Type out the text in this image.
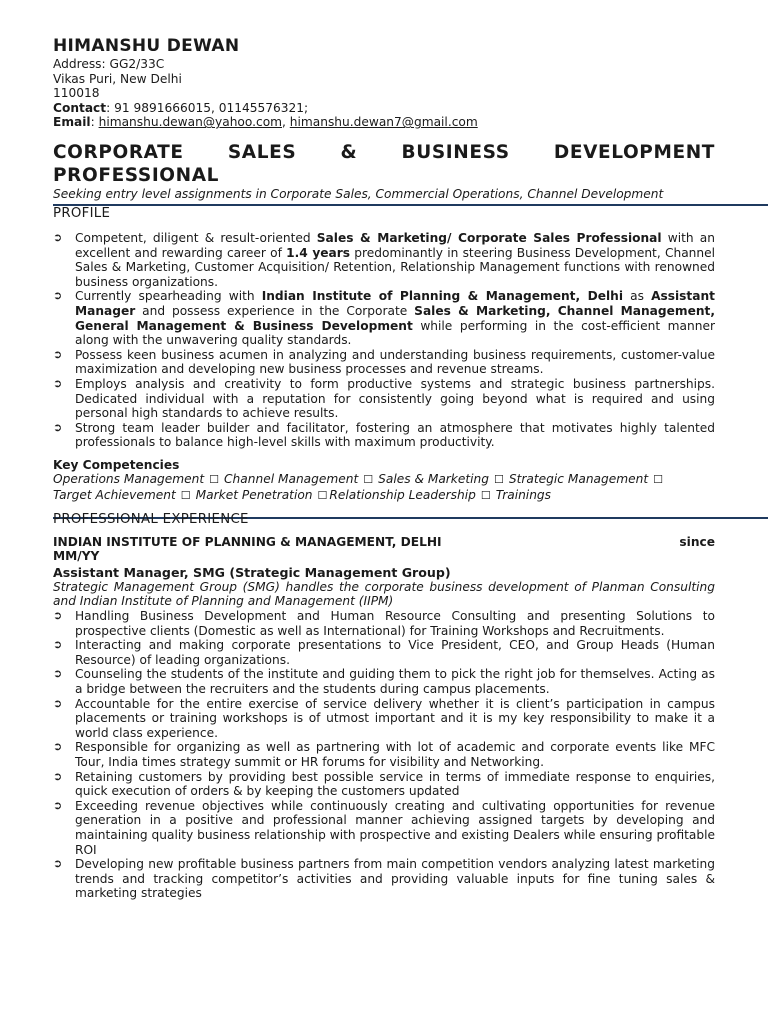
HIMANSHU DEWAN
Address: GG2/33C
Vikas Puri, New Delhi
110018
Contact: 91 9891666015, 01145576321;
Email: himanshu.dewan@yahoo.com, himanshu.dewan7@gmail.com
CORPORATE SALES & BUSINESS DEVELOPMENT PROFESSIONAL
Seeking entry level assignments in Corporate Sales, Commercial Operations, Channel Development
PROFILE
➲ Competent, diligent & result-oriented Sales & Marketing/ Corporate Sales Professional with an excellent and rewarding career of 1.4 years predominantly in steering Business Development, Channel Sales & Marketing, Customer Acquisition/ Retention, Relationship Management functions with renowned business organizations.
➲ Currently spearheading with Indian Institute of Planning & Management, Delhi as Assistant Manager and possess experience in the Corporate Sales & Marketing, Channel Management, General Management & Business Development while performing in the cost-efficient manner along with the unwavering quality standards.
➲ Possess keen business acumen in analyzing and understanding business requirements, customer-value maximization and developing new business processes and revenue streams.
➲ Employs analysis and creativity to form productive systems and strategic business partnerships. Dedicated individual with a reputation for consistently going beyond what is required and using personal high standards to achieve results.
➲ Strong team leader builder and facilitator, fostering an atmosphere that motivates highly talented professionals to balance high-level skills with maximum productivity.
Key Competencies
Operations Management ☐ Channel Management ☐ Sales & Marketing ☐ Strategic Management ☐
Target Achievement ☐ Market Penetration ☐ Relationship Leadership ☐ Trainings
PROFESSIONAL EXPERIENCE
INDIAN INSTITUTE OF PLANNING & MANAGEMENT, DELHI	since
MM/YY
Assistant Manager, SMG (Strategic Management Group)
Strategic Management Group (SMG) handles the corporate business development of Planman Consulting and Indian Institute of Planning and Management (IIPM)
➲ Handling Business Development and Human Resource Consulting and presenting Solutions to prospective clients (Domestic as well as International) for Training Workshops and Recruitments.
➲ Interacting and making corporate presentations to Vice President, CEO, and Group Heads (Human Resource) of leading organizations.
➲ Counseling the students of the institute and guiding them to pick the right job for themselves. Acting as a bridge between the recruiters and the students during campus placements.
➲ Accountable for the entire exercise of service delivery whether it is client’s participation in campus placements or training workshops is of utmost important and it is my key responsibility to make it a world class experience.
➲ Responsible for organizing as well as partnering with lot of academic and corporate events like MFC Tour, India times strategy summit or HR forums for visibility and Networking.
➲ Retaining customers by providing best possible service in terms of immediate response to enquiries, quick execution of orders & by keeping the customers updated
➲ Exceeding revenue objectives while continuously creating and cultivating opportunities for revenue generation in a positive and professional manner achieving assigned targets by developing and maintaining quality business relationship with prospective and existing Dealers while ensuring profitable ROI
➲ Developing new profitable business partners from main competition vendors analyzing latest marketing trends and tracking competitor’s activities and providing valuable inputs for fine tuning sales & marketing strategies
